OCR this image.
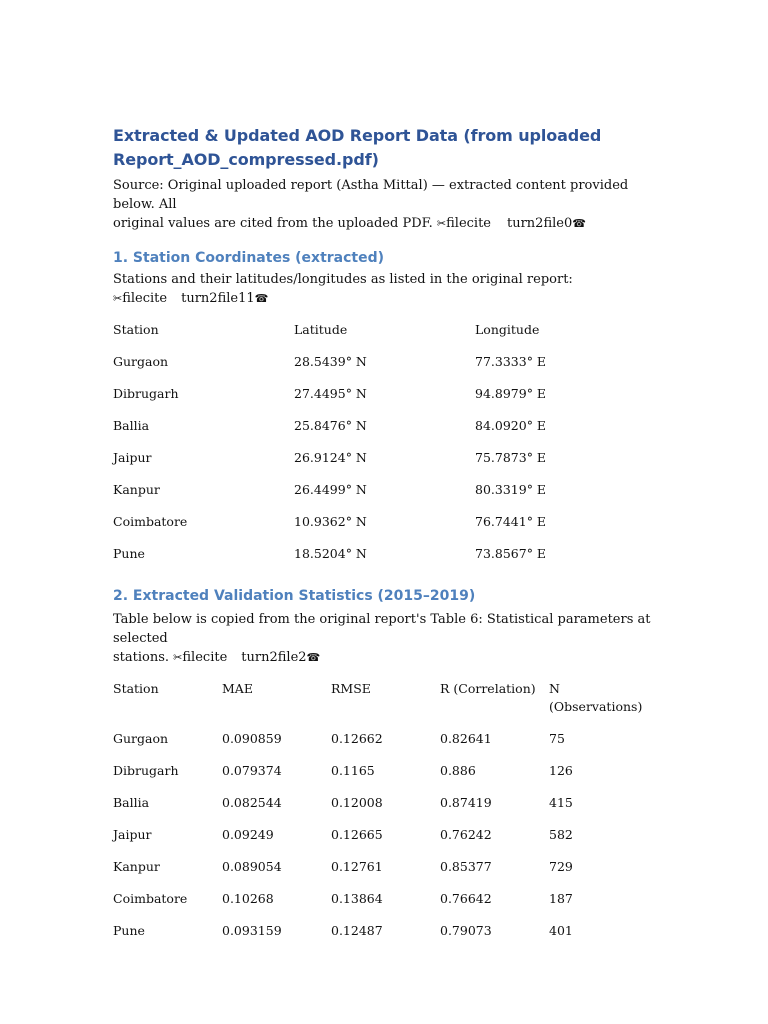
Extracted & Updated AOD Report Data (from uploaded
Report_AOD_compressed.pdf)

Source: Original uploaded report (Astha Mittal) — extracted content provided below. All
original values are cited from the uploaded PDF. ✂filecite turn2file0☎

1. Station Coordinates (extracted)

Stations and their latitudes/longitudes as listed in the original report:
✂filecite turn2file11☎

Station	Latitude	Longitude
Gurgaon	28.5439° N	77.3333° E
Dibrugarh	27.4495° N	94.8979° E
Ballia	25.8476° N	84.0920° E
Jaipur	26.9124° N	75.7873° E
Kanpur	26.4499° N	80.3319° E
Coimbatore	10.9362° N	76.7441° E
Pune	18.5204° N	73.8567° E
2. Extracted Validation Statistics (2015–2019)

Table below is copied from the original report's Table 6: Statistical parameters at selected
stations. ✂filecite turn2file2☎

Station	MAE	RMSE	R (Correlation)	N
(Observations)
Gurgaon	0.090859	0.12662	0.82641	75
Dibrugarh	0.079374	0.1165	0.886	126
Ballia	0.082544	0.12008	0.87419	415
Jaipur	0.09249	0.12665	0.76242	582
Kanpur	0.089054	0.12761	0.85377	729
Coimbatore	0.10268	0.13864	0.76642	187
Pune	0.093159	0.12487	0.79073	401
